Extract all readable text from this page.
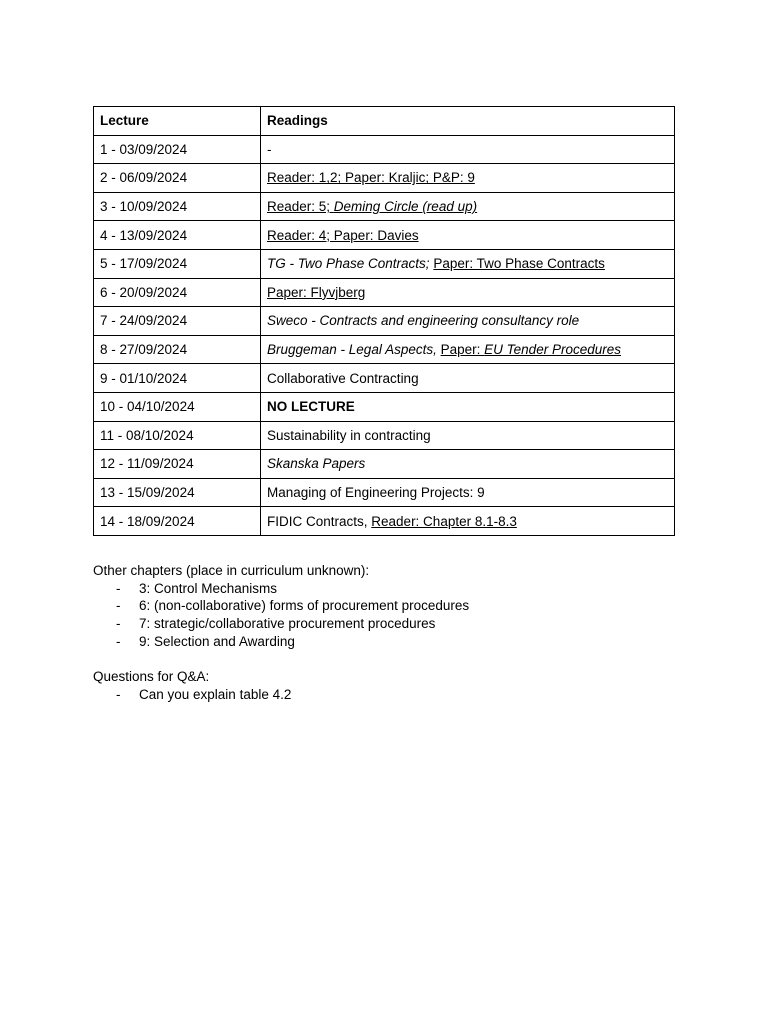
Lecture	Readings
1 - 03/09/2024	-
2 - 06/09/2024	Reader: 1,2; Paper: Kraljic; P&P: 9
3 - 10/09/2024	Reader: 5; Deming Circle (read up)
4 - 13/09/2024	Reader: 4; Paper: Davies
5 - 17/09/2024	TG - Two Phase Contracts; Paper: Two Phase Contracts
6 - 20/09/2024	Paper: Flyvjberg
7 - 24/09/2024	Sweco - Contracts and engineering consultancy role
8 - 27/09/2024	Bruggeman - Legal Aspects, Paper: EU Tender Procedures
9 - 01/10/2024	Collaborative Contracting
10 - 04/10/2024	NO LECTURE
11 - 08/10/2024	Sustainability in contracting
12 - 11/09/2024	Skanska Papers
13 - 15/09/2024	Managing of Engineering Projects: 9
14 - 18/09/2024	FIDIC Contracts, Reader: Chapter 8.1-8.3
Other chapters (place in curriculum unknown):
- 3: Control Mechanisms
- 6: (non-collaborative) forms of procurement procedures
- 7: strategic/collaborative procurement procedures
- 9: Selection and Awarding
Questions for Q&A:
- Can you explain table 4.2
